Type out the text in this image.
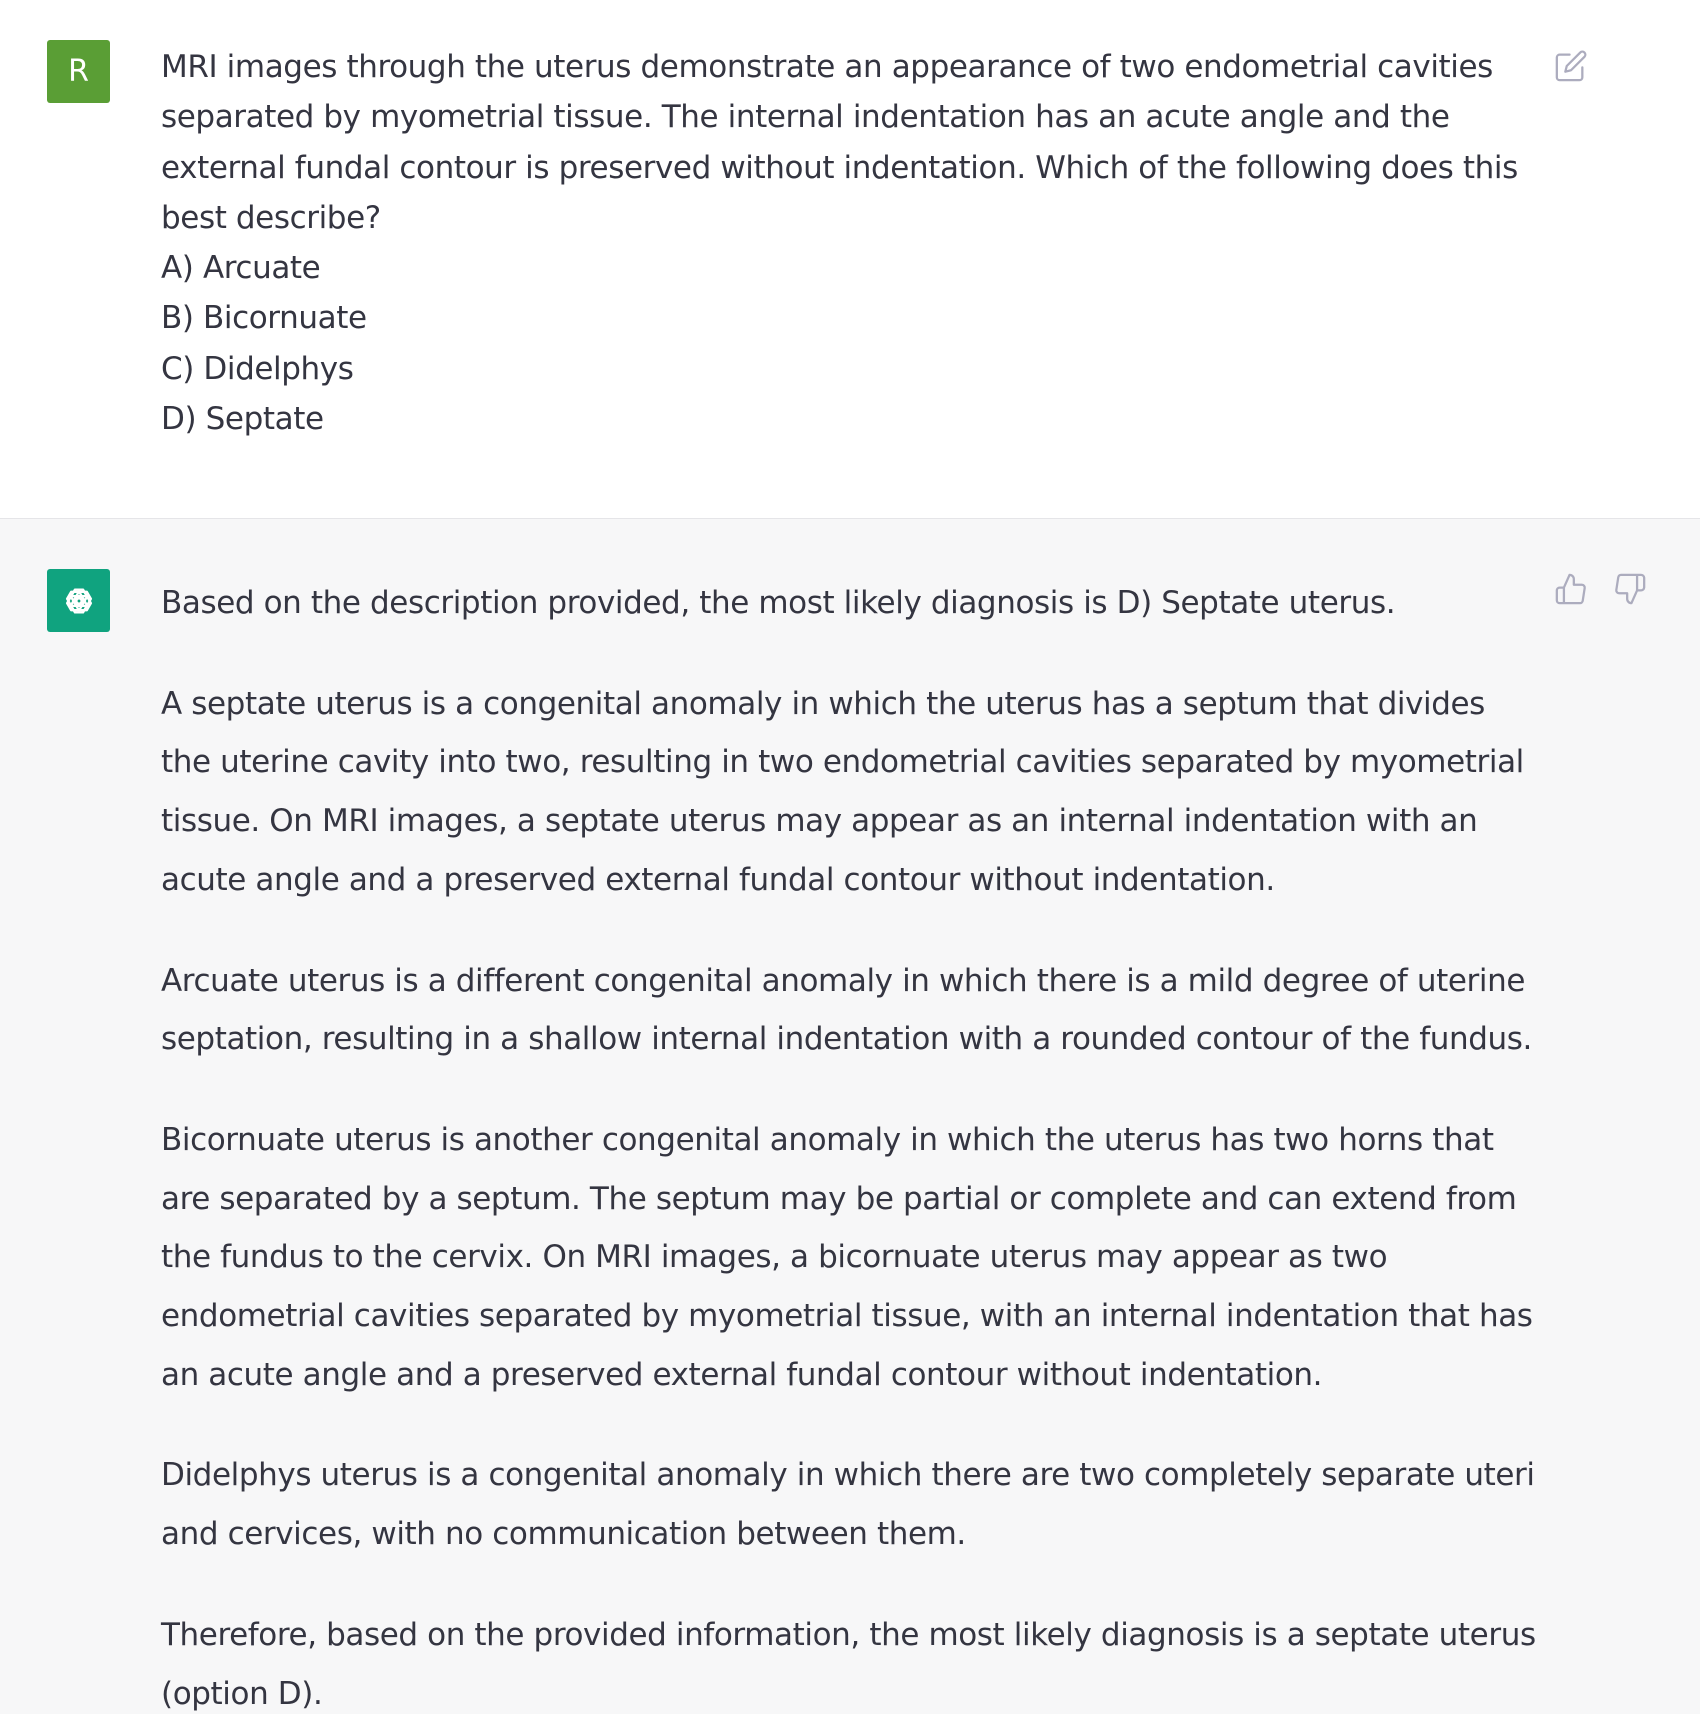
R MRI images through the uterus demonstrate an appearance of two endometrial cavities separated by myometrial tissue. The internal indentation has an acute angle and the external fundal contour is preserved without indentation. Which of the following does this best describe?

A) Arcuate

B) Bicornuate

C) Didelphys

D) Septate

Based on the description provided, the most likely diagnosis is D) Septate uterus.

A septate uterus is a congenital anomaly in which the uterus has a septum that divides the uterine cavity into two, resulting in two endometrial cavities separated by myometrial tissue. On MRI images, a septate uterus may appear as an internal indentation with an acute angle and a preserved external fundal contour without indentation.

Arcuate uterus is a different congenital anomaly in which there is a mild degree of uterine septation, resulting in a shallow internal indentation with a rounded contour of the fundus.

Bicornuate uterus is another congenital anomaly in which the uterus has two horns that are separated by a septum. The septum may be partial or complete and can extend from the fundus to the cervix. On MRI images, a bicornuate uterus may appear as two endometrial cavities separated by myometrial tissue, with an internal indentation that has an acute angle and a preserved external fundal contour without indentation.

Didelphys uterus is a congenital anomaly in which there are two completely separate uteri and cervices, with no communication between them.

Therefore, based on the provided information, the most likely diagnosis is a septate uterus (option D).
